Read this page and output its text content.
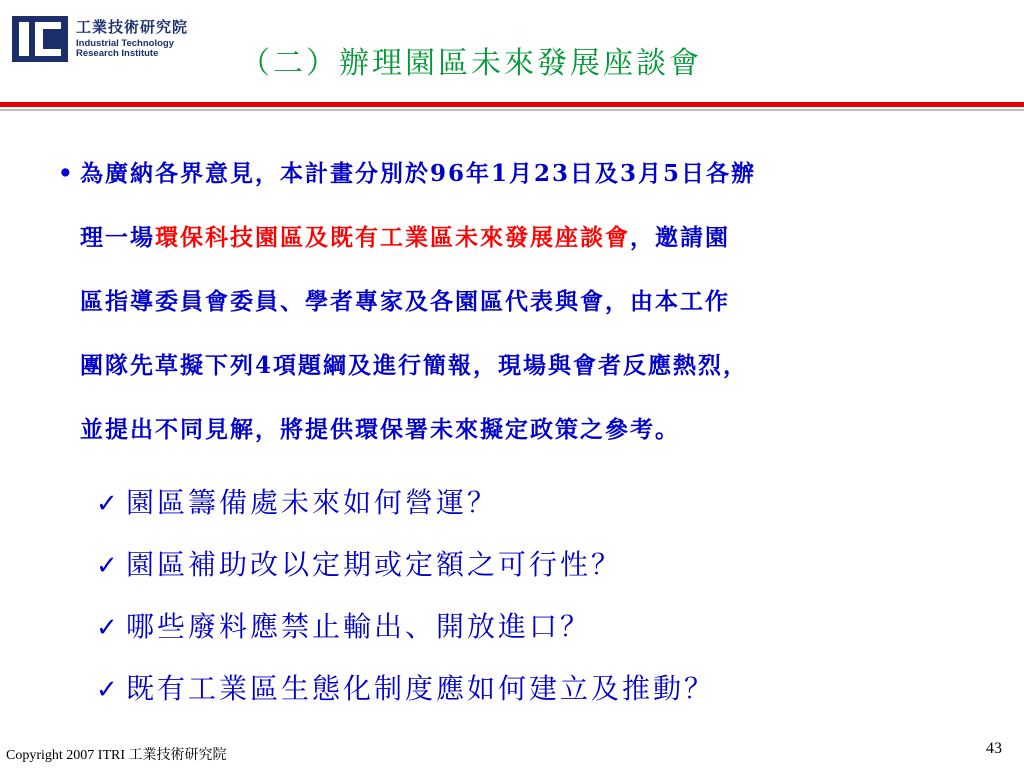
工業技術研究院
Industrial Technology
Research Institute	（二）辦理園區未來發展座談會
• 為廣納各界意見，本計畫分別於96年1月23日及3月5日各辦
理一場環保科技園區及既有工業區未來發展座談會，邀請園
區指導委員會委員、學者專家及各園區代表與會，由本工作
團隊先草擬下列4項題綱及進行簡報，現場與會者反應熱烈，
並提出不同見解，將提供環保署未來擬定政策之參考。
✓ 園區籌備處未來如何營運？
✓ 園區補助改以定期或定額之可行性？
✓ 哪些廢料應禁止輸出、開放進口？
✓ 既有工業區生態化制度應如何建立及推動？
Copyright 2007 ITRI 工業技術研究院	43
